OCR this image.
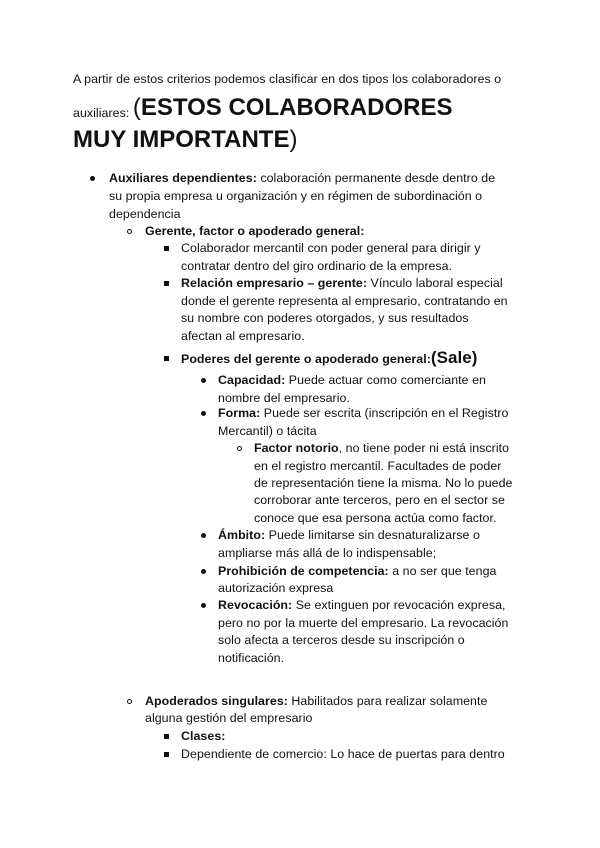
A partir de estos criterios podemos clasificar en dos tipos los colaboradores o
auxiliares: (ESTOS COLABORADORES
MUY IMPORTANTE)
Auxiliares dependientes: colaboración permanente desde dentro de
su propia empresa u organización y en régimen de subordinación o
dependencia
Gerente, factor o apoderado general:
Colaborador mercantil con poder general para dirigir y
contratar dentro del giro ordinario de la empresa.
Relación empresario – gerente: Vínculo laboral especial
donde el gerente representa al empresario, contratando en
su nombre con poderes otorgados, y sus resultados
afectan al empresario.
Poderes del gerente o apoderado general:(Sale)
Capacidad: Puede actuar como comerciante en
nombre del empresario.
Forma: Puede ser escrita (inscripción en el Registro
Mercantil) o tácita
Factor notorio, no tiene poder ni está inscrito
en el registro mercantil. Facultades de poder
de representación tiene la misma. No lo puede
corroborar ante terceros, pero en el sector se
conoce que esa persona actúa como factor.
Ámbito: Puede limitarse sin desnaturalizarse o
ampliarse más allá de lo indispensable;
Prohibición de competencia: a no ser que tenga
autorización expresa
Revocación: Se extinguen por revocación expresa,
pero no por la muerte del empresario. La revocación
solo afecta a terceros desde su inscripción o
notificación.
Apoderados singulares: Habilitados para realizar solamente
alguna gestión del empresario
Clases:
Dependiente de comercio: Lo hace de puertas para dentro
